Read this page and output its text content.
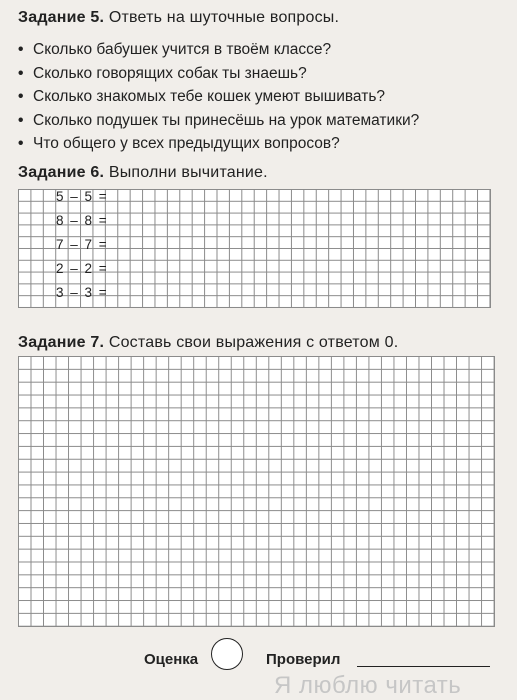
Задание 5. Ответь на шуточные вопросы.
• Сколько бабушек учится в твоём классе?
• Сколько говорящих собак ты знаешь?
• Сколько знакомых тебе кошек умеют вышивать?
• Сколько подушек ты принесёшь на урок математики?
• Что общего у всех предыдущих вопросов?
Задание 6. Выполни вычитание.
5 – 5 =
8 – 8 =
7 – 7 =
2 – 2 =
3 – 3 =
Задание 7. Составь свои выражения с ответом 0.
Оценка	Проверил
Я люблю читать
